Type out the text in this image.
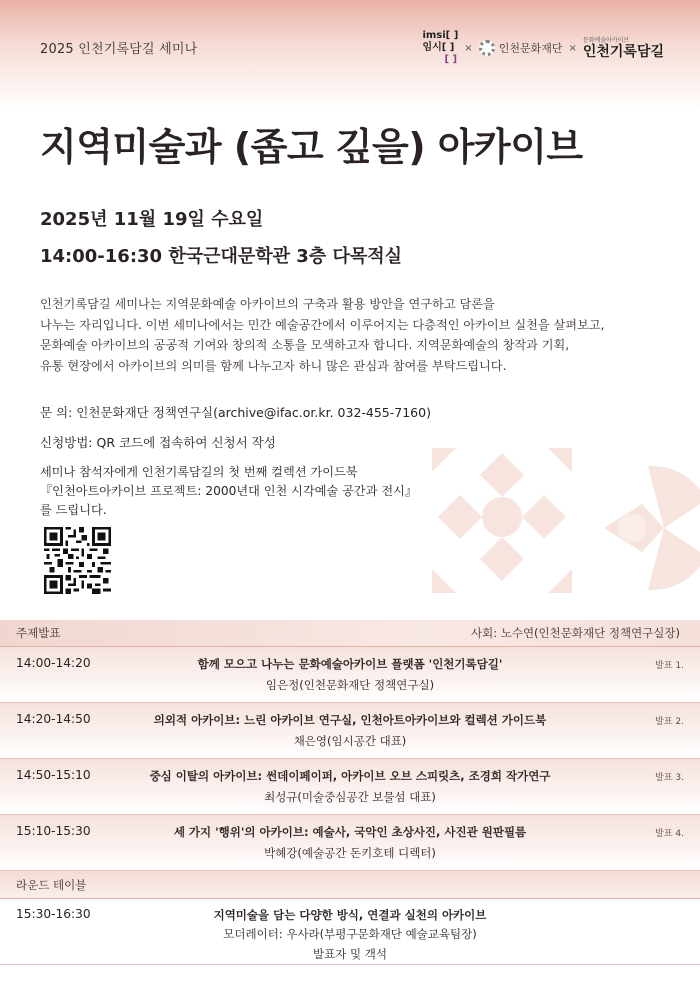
2025 인천기록담길 세미나
imsi[ ]
임시[ ]
[ ]
× 인천문화재단 ×
문화예술아카이브
인천기록담길
지역미술과 (좁고 깊을) 아카이브
2025년 11월 19일 수요일
14:00-16:30 한국근대문학관 3층 다목적실
인천기록담길 세미나는 지역문화예술 아카이브의 구축과 활용 방안을 연구하고 담론을
나누는 자리입니다. 이번 세미나에서는 민간 예술공간에서 이루어지는 다층적인 아카이브 실천을 살펴보고,
문화예술 아카이브의 공공적 기여와 창의적 소통을 모색하고자 합니다. 지역문화예술의 창작과 기획,
유통 현장에서 아카이브의 의미를 함께 나누고자 하니 많은 관심과 참여를 부탁드립니다.
문 의: 인천문화재단 정책연구실(archive@ifac.or.kr. 032-455-7160)
신청방법: QR 코드에 접속하여 신청서 작성
세미나 참석자에게 인천기록담길의 첫 번째 컬렉션 가이드북
『인천아트아카이브 프로젝트: 2000년대 인천 시각예술 공간과 전시』
를 드립니다.
주제발표	사회: 노수연(인천문화재단 정책연구실장)
14:00-14:20	함께 모으고 나누는 문화예술아카이브 플랫폼 '인천기록담길'
임은정(인천문화재단 정책연구실)
발표 1.
14:20-14:50	의외적 아카이브: 느린 아카이브 연구실, 인천아트아카이브와 컬렉션 가이드북
채은영(임시공간 대표)
발표 2.
14:50-15:10	중심 이탈의 아카이브: 썬데이페이퍼, 아카이브 오브 스피릿츠, 조경희 작가연구
최성규(미술중심공간 보물섬 대표)
발표 3.
15:10-15:30	세 가지 '행위'의 아카이브: 예술사, 국악인 초상사진, 사진관 원판필름
박혜강(예술공간 돈키호테 디렉터)
발표 4.
라운드 테이블
15:30-16:30	지역미술을 담는 다양한 방식, 연결과 실천의 아카이브
모더레이터: 우사라(부평구문화재단 예술교육팀장)
발표자 및 객석
